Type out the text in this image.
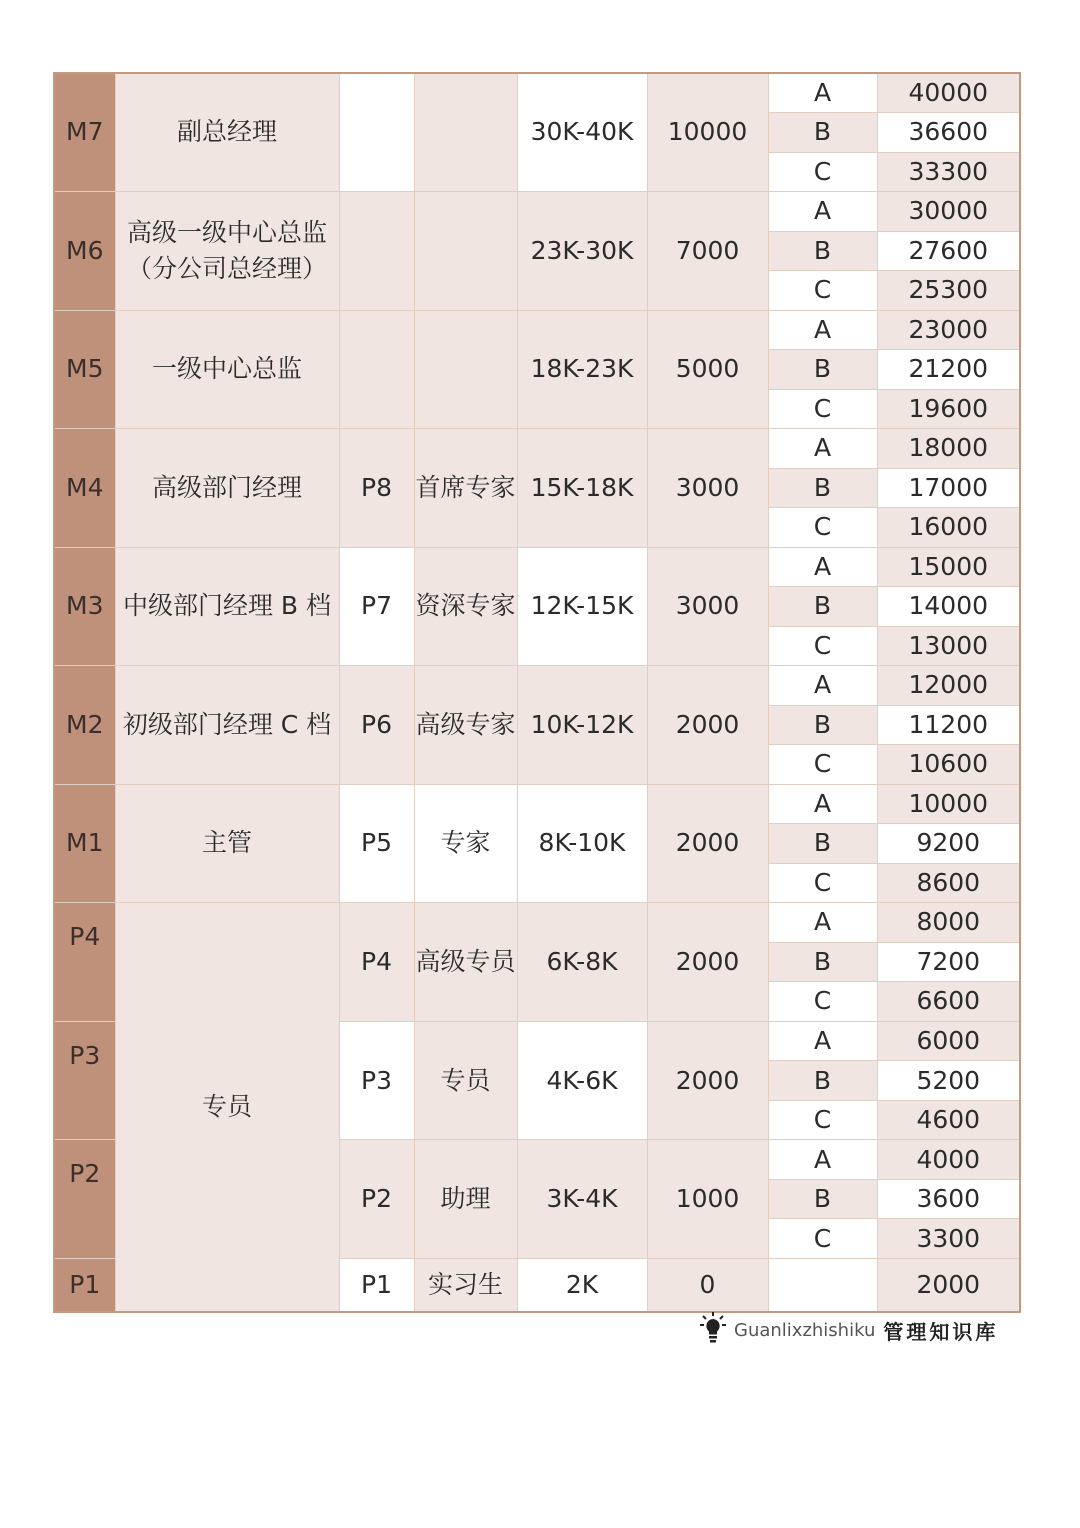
M7	副总经理			30K-40K	10000	A	40000
						B	36600
						C	33300
M6	高级一级中心总监（分公司总经理）			23K-30K	7000	A	30000
						B	27600
						C	25300
M5	一级中心总监			18K-23K	5000	A	23000
						B	21200
						C	19600
M4	高级部门经理	P8	首席专家	15K-18K	3000	A	18000
						B	17000
						C	16000
M3	中级部门经理 B 档	P7	资深专家	12K-15K	3000	A	15000
						B	14000
						C	13000
M2	初级部门经理 C 档	P6	高级专家	10K-12K	2000	A	12000
						B	11200
						C	10600
M1	主管	P5	专家	8K-10K	2000	A	10000
						B	9200
						C	8600
P4	专员	P4	高级专员	6K-8K	2000	A	8000
						B	7200
						C	6600
P3		P3	专员	4K-6K	2000	A	6000
						B	5200
						C	4600
P2		P2	助理	3K-4K	1000	A	4000
						B	3600
						C	3300
P1		P1	实习生	2K	0		2000
Guanlixzhishiku 管理知识库
